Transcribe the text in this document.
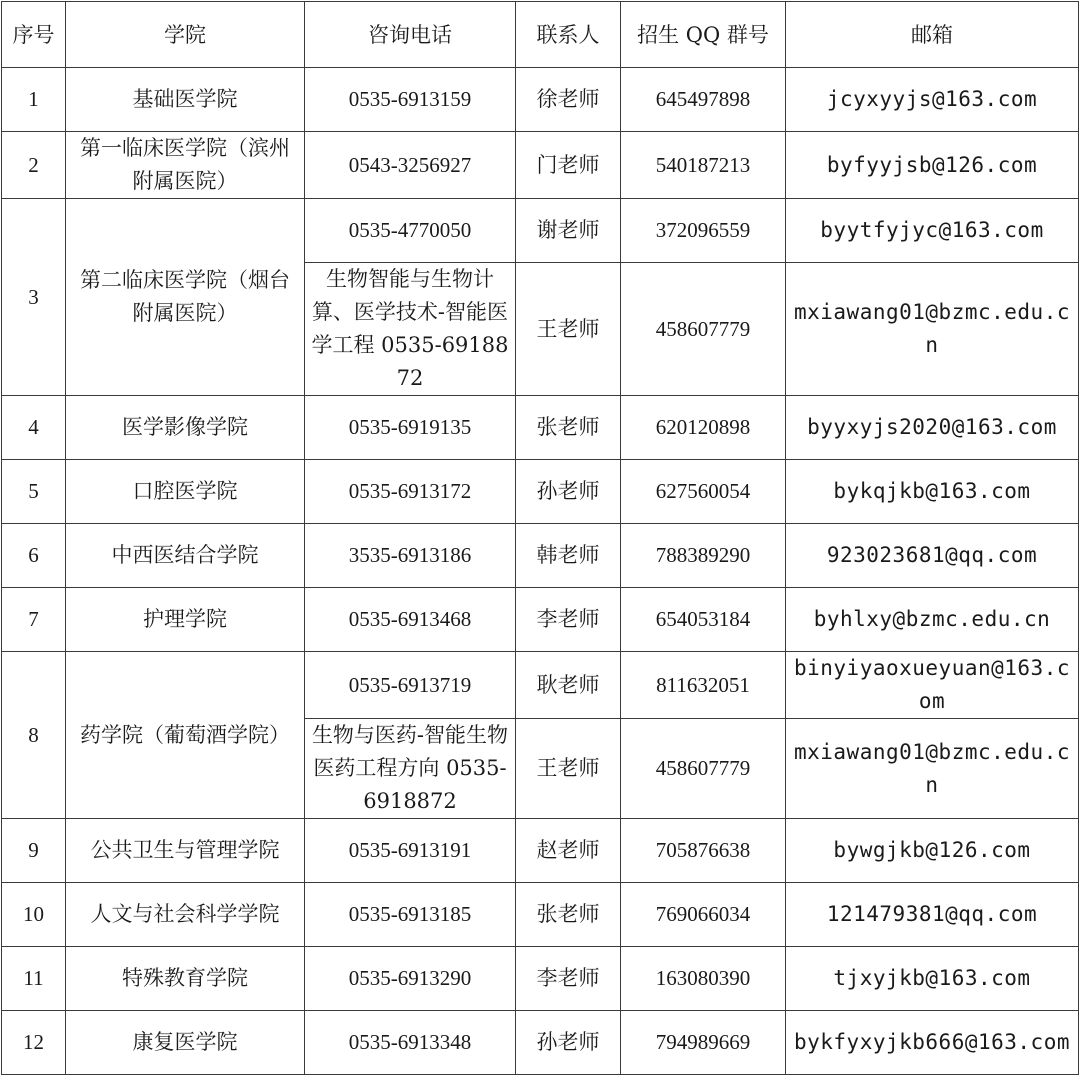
序号	学院	咨询电话	联系人	招生 QQ 群号	邮箱
1	基础医学院	0535-6913159	徐老师	645497898	jcyxyyjs@163.com
2	第一临床医学院（滨州附属医院）	0543-3256927	门老师	540187213	byfyyjsb@126.com
3	第二临床医学院（烟台附属医院）	0535-4770050	谢老师	372096559	byytfyjyc@163.com
		生物智能与生物计算、医学技术-智能医学工程 0535-6918872	王老师	458607779	mxiawang01@bzmc.edu.cn
4	医学影像学院	0535-6919135	张老师	620120898	byyxyjs2020@163.com
5	口腔医学院	0535-6913172	孙老师	627560054	bykqjkb@163.com
6	中西医结合学院	3535-6913186	韩老师	788389290	923023681@qq.com
7	护理学院	0535-6913468	李老师	654053184	byhlxy@bzmc.edu.cn
8	药学院（葡萄酒学院）	0535-6913719	耿老师	811632051	binyiyaoxueyuan@163.com
		生物与医药-智能生物医药工程方向 0535-6918872	王老师	458607779	mxiawang01@bzmc.edu.cn
9	公共卫生与管理学院	0535-6913191	赵老师	705876638	bywgjkb@126.com
10	人文与社会科学学院	0535-6913185	张老师	769066034	121479381@qq.com
11	特殊教育学院	0535-6913290	李老师	163080390	tjxyjkb@163.com
12	康复医学院	0535-6913348	孙老师	794989669	bykfyxyjkb666@163.com
